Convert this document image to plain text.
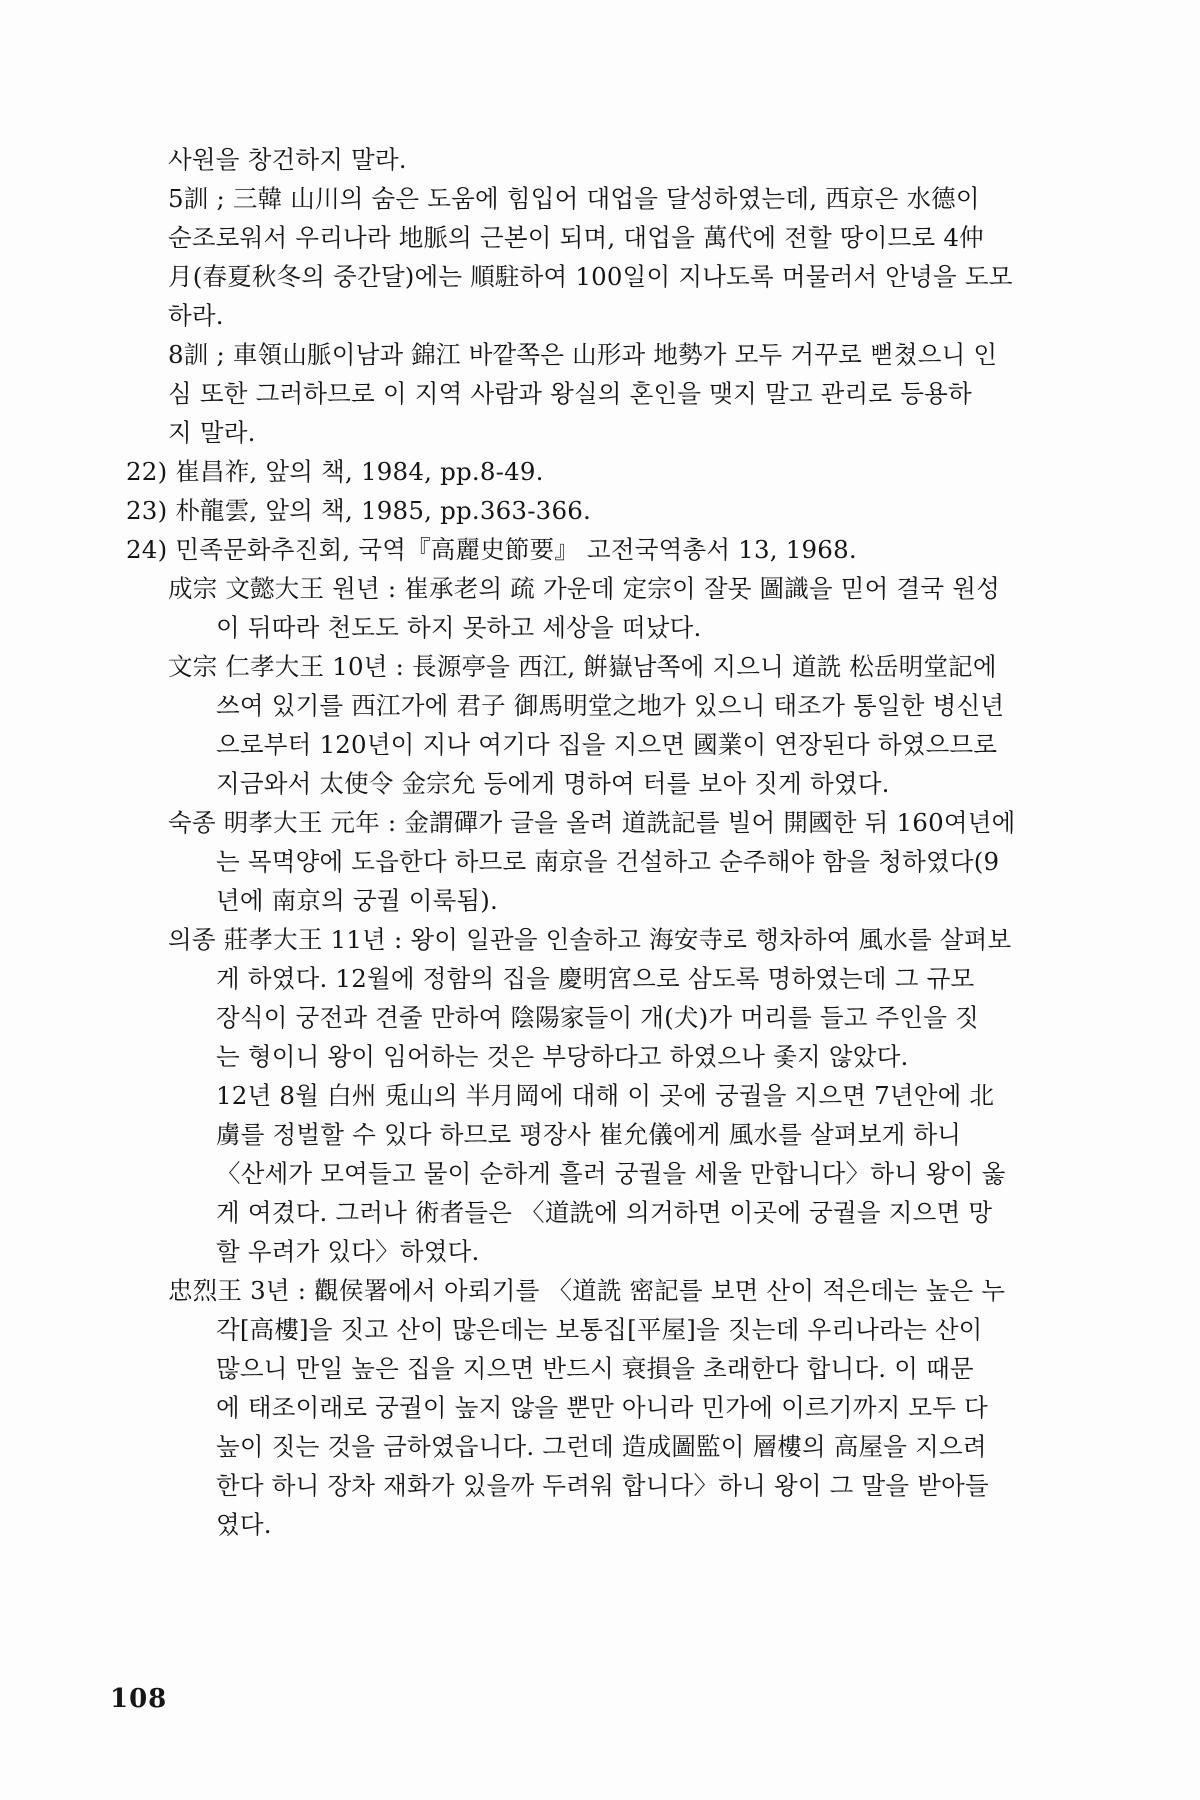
사원을 창건하지 말라.
5訓 ; 三韓 山川의 숨은 도움에 힘입어 대업을 달성하였는데, 西京은 水德이
순조로워서 우리나라 地脈의 근본이 되며, 대업을 萬代에 전할 땅이므로 4仲
月(春夏秋冬의 중간달)에는 順駐하여 100일이 지나도록 머물러서 안녕을 도모
하라.
8訓 ; 車領山脈이남과 錦江 바깥쪽은 山形과 地勢가 모두 거꾸로 뻗쳤으니 인
심 또한 그러하므로 이 지역 사람과 왕실의 혼인을 맺지 말고 관리로 등용하
지 말라.
22) 崔昌祚, 앞의 책, 1984, pp.8-49.
23) 朴龍雲, 앞의 책, 1985, pp.363-366.
24) 민족문화추진회, 국역『高麗史節要』 고전국역총서 13, 1968.
成宗 文懿大王 원년 : 崔承老의 疏 가운데 定宗이 잘못 圖識을 믿어 결국 원성
이 뒤따라 천도도 하지 못하고 세상을 떠났다.
文宗 仁孝大王 10년 : 長源亭을 西江, 餠嶽남쪽에 지으니 道詵 松岳明堂記에
쓰여 있기를 西江가에 君子 御馬明堂之地가 있으니 태조가 통일한 병신년
으로부터 120년이 지나 여기다 집을 지으면 國業이 연장된다 하였으므로
지금와서 太使令 金宗允 등에게 명하여 터를 보아 짓게 하였다.
숙종 明孝大王 元年 : 金謂磾가 글을 올려 道詵記를 빌어 開國한 뒤 160여년에
는 목멱양에 도읍한다 하므로 南京을 건설하고 순주해야 함을 청하였다(9
년에 南京의 궁궐 이룩됨).
의종 莊孝大王 11년 : 왕이 일관을 인솔하고 海安寺로 행차하여 風水를 살펴보
게 하였다. 12월에 정함의 집을 慶明宮으로 삼도록 명하였는데 그 규모
장식이 궁전과 견줄 만하여 陰陽家들이 개(犬)가 머리를 들고 주인을 짓
는 형이니 왕이 임어하는 것은 부당하다고 하였으나 좇지 않았다.
12년 8월 白州 兎山의 半月岡에 대해 이 곳에 궁궐을 지으면 7년안에 北
虜를 정벌할 수 있다 하므로 평장사 崔允儀에게 風水를 살펴보게 하니
〈산세가 모여들고 물이 순하게 흘러 궁궐을 세울 만합니다〉하니 왕이 옳
게 여겼다. 그러나 術者들은 〈道詵에 의거하면 이곳에 궁궐을 지으면 망
할 우려가 있다〉하였다.
忠烈王 3년 : 觀侯署에서 아뢰기를 〈道詵 密記를 보면 산이 적은데는 높은 누
각[高樓]을 짓고 산이 많은데는 보통집[平屋]을 짓는데 우리나라는 산이
많으니 만일 높은 집을 지으면 반드시 衰損을 초래한다 합니다. 이 때문
에 태조이래로 궁궐이 높지 않을 뿐만 아니라 민가에 이르기까지 모두 다
높이 짓는 것을 금하였읍니다. 그런데 造成圖監이 層樓의 高屋을 지으려
한다 하니 장차 재화가 있을까 두려워 합니다〉하니 왕이 그 말을 받아들
였다.
108
